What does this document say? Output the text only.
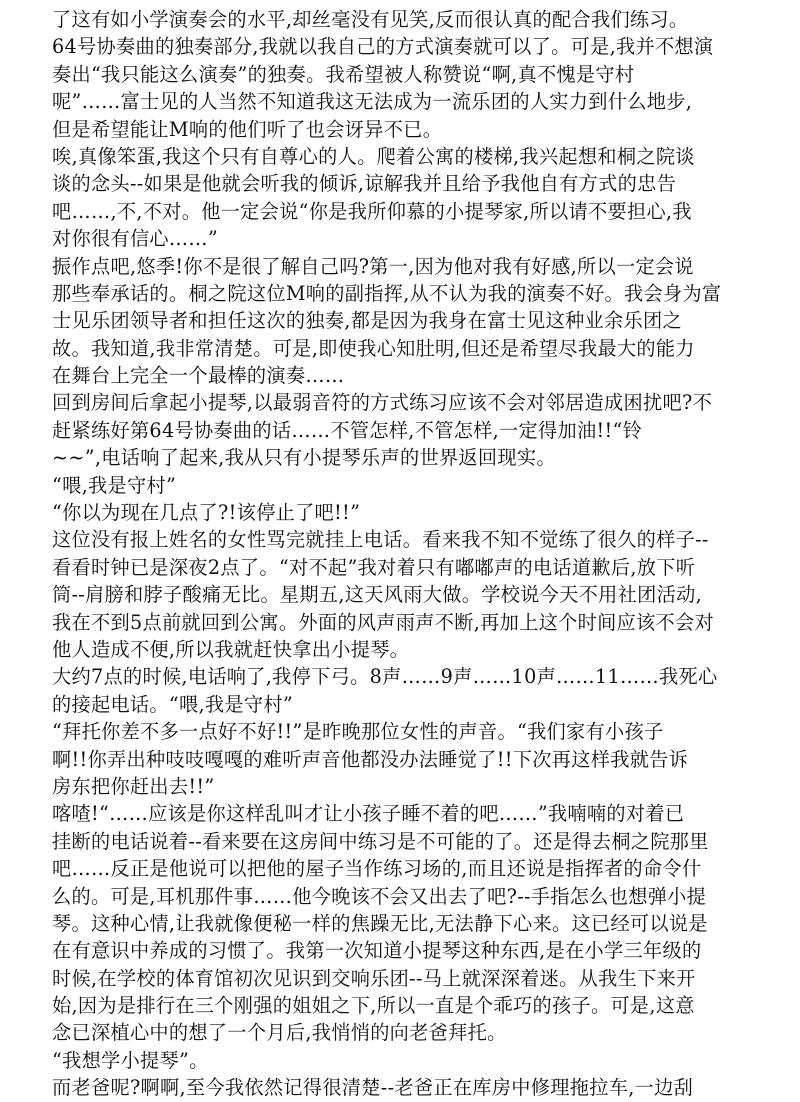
了这有如小学演奏会的水平,却丝毫没有见笑,反而很认真的配合我们练习。
64号协奏曲的独奏部分,我就以我自己的方式演奏就可以了。可是,我并不想演
奏出“我只能这么演奏”的独奏。我希望被人称赞说“啊,真不愧是守村
呢”……富士见的人当然不知道我这无法成为一流乐团的人实力到什么地步,
但是希望能让M响的他们听了也会讶异不已。
唉,真像笨蛋,我这个只有自尊心的人。爬着公寓的楼梯,我兴起想和桐之院谈
谈的念头--如果是他就会听我的倾诉,谅解我并且给予我他自有方式的忠告
吧……,不,不对。他一定会说“你是我所仰慕的小提琴家,所以请不要担心,我
对你很有信心……”
振作点吧,悠季!你不是很了解自己吗?第一,因为他对我有好感,所以一定会说
那些奉承话的。桐之院这位M响的副指挥,从不认为我的演奏不好。我会身为富
士见乐团领导者和担任这次的独奏,都是因为我身在富士见这种业余乐团之
故。我知道,我非常清楚。可是,即使我心知肚明,但还是希望尽我最大的能力
在舞台上完全一个最棒的演奏……
回到房间后拿起小提琴,以最弱音符的方式练习应该不会对邻居造成困扰吧?不
赶紧练好第64号协奏曲的话……不管怎样,不管怎样,一定得加油!!“铃
~~”,电话响了起来,我从只有小提琴乐声的世界返回现实。
“喂,我是守村”
“你以为现在几点了?!该停止了吧!!”
这位没有报上姓名的女性骂完就挂上电话。看来我不知不觉练了很久的样子--
看看时钟已是深夜2点了。“对不起”我对着只有嘟嘟声的电话道歉后,放下听
筒--肩膀和脖子酸痛无比。星期五,这天风雨大做。学校说今天不用社团活动,
我在不到5点前就回到公寓。外面的风声雨声不断,再加上这个时间应该不会对
他人造成不便,所以我就赶快拿出小提琴。
大约7点的时候,电话响了,我停下弓。8声……9声……10声……11……我死心
的接起电话。“喂,我是守村”
“拜托你差不多一点好不好!!”是昨晚那位女性的声音。“我们家有小孩子
啊!!你弄出种吱吱嘎嘎的难听声音他都没办法睡觉了!!下次再这样我就告诉
房东把你赶出去!!”
喀喳!“……应该是你这样乱叫才让小孩子睡不着的吧……”我喃喃的对着已
挂断的电话说着--看来要在这房间中练习是不可能的了。还是得去桐之院那里
吧……反正是他说可以把他的屋子当作练习场的,而且还说是指挥者的命令什
么的。可是,耳机那件事……他今晚该不会又出去了吧?--手指怎么也想弹小提
琴。这种心情,让我就像便秘一样的焦躁无比,无法静下心来。这已经可以说是
在有意识中养成的习惯了。我第一次知道小提琴这种东西,是在小学三年级的
时候,在学校的体育馆初次见识到交响乐团--马上就深深着迷。从我生下来开
始,因为是排行在三个刚强的姐姐之下,所以一直是个乖巧的孩子。可是,这意
念已深植心中的想了一个月后,我悄悄的向老爸拜托。
“我想学小提琴”。
而老爸呢?啊啊,至今我依然记得很清楚--老爸正在库房中修理拖拉车,一边刮
